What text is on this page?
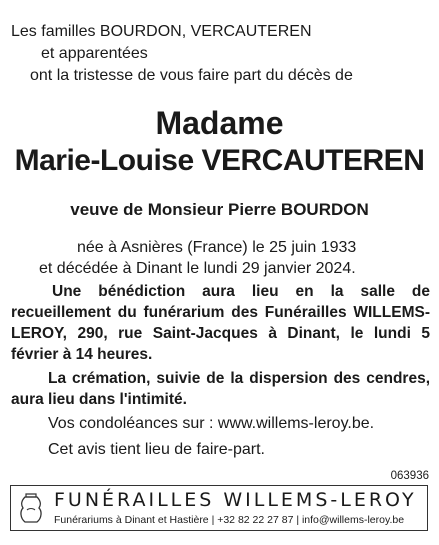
Les familles BOURDON, VERCAUTEREN
et apparentées
ont la tristesse de vous faire part du décès de
Madame
Marie-Louise VERCAUTEREN
veuve de Monsieur Pierre BOURDON
née à Asnières (France) le 25 juin 1933
et décédée à Dinant le lundi 29 janvier 2024.
Une bénédiction aura lieu en la salle de recueillement du funérarium des Funérailles WILLEMS-LEROY, 290, rue Saint-Jacques à Dinant, le lundi 5 février à 14 heures.
La crémation, suivie de la dispersion des cendres, aura lieu dans l'intimité.
Vos condoléances sur : www.willems-leroy.be.
Cet avis tient lieu de faire-part.
063936
FUNÉRAILLES WILLEMS-LEROY
Funérariums à Dinant et Hastière | +32 82 22 27 87 | info@willems-leroy.be
